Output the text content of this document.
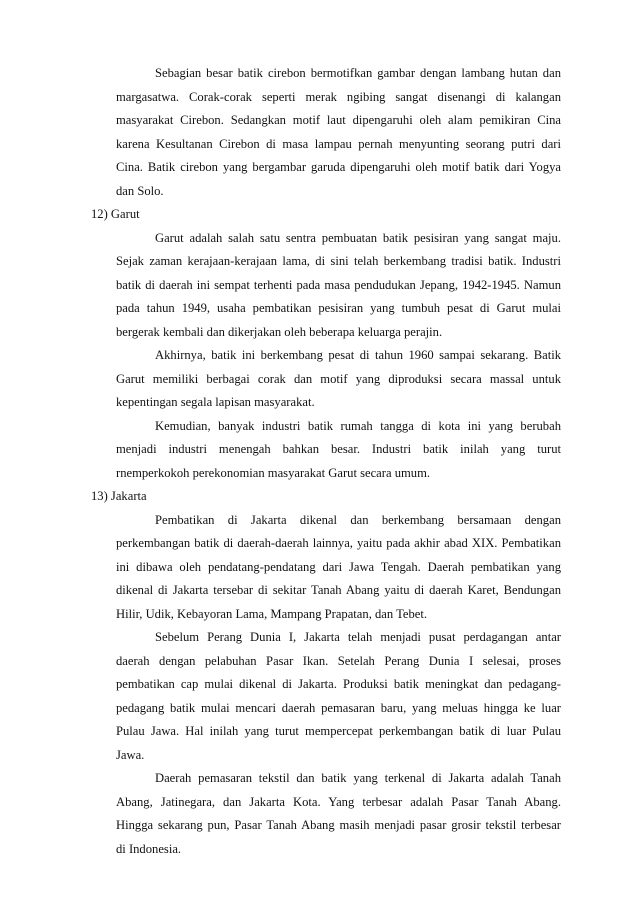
Sebagian besar batik cirebon bermotifkan gambar dengan lambang hutan dan

margasatwa. Corak-corak seperti merak ngibing sangat disenangi di kalangan

masyarakat Cirebon. Sedangkan motif laut dipengaruhi oleh alam pemikiran Cina

karena Kesultanan Cirebon di masa lampau pernah menyunting seorang putri dari

Cina. Batik cirebon yang bergambar garuda dipengaruhi oleh motif batik dari Yogya

dan Solo.

12) Garut

Garut adalah salah satu sentra pembuatan batik pesisiran yang sangat maju.

Sejak zaman kerajaan-kerajaan lama, di sini telah berkembang tradisi batik. Industri

batik di daerah ini sempat terhenti pada masa pendudukan Jepang, 1942-1945. Namun

pada tahun 1949, usaha pembatikan pesisiran yang tumbuh pesat di Garut mulai

bergerak kembali dan dikerjakan oleh beberapa keluarga perajin.

Akhirnya, batik ini berkembang pesat di tahun 1960 sampai sekarang. Batik

Garut memiliki berbagai corak dan motif yang diproduksi secara massal untuk

kepentingan segala lapisan masyarakat.

Kemudian, banyak industri batik rumah tangga di kota ini yang berubah

menjadi industri menengah bahkan besar. Industri batik inilah yang turut

rnemperkokoh perekonomian masyarakat Garut secara umum.

13) Jakarta

Pembatikan di Jakarta dikenal dan berkembang bersamaan dengan

perkembangan batik di daerah-daerah lainnya, yaitu pada akhir abad XIX. Pembatikan

ini dibawa oleh pendatang-pendatang dari Jawa Tengah. Daerah pembatikan yang

dikenal di Jakarta tersebar di sekitar Tanah Abang yaitu di daerah Karet, Bendungan

Hilir, Udik, Kebayoran Lama, Mampang Prapatan, dan Tebet.

Sebelum Perang Dunia I, Jakarta telah menjadi pusat perdagangan antar

daerah dengan pelabuhan Pasar Ikan. Setelah Perang Dunia I selesai, proses

pembatikan cap mulai dikenal di Jakarta. Produksi batik meningkat dan pedagang-

pedagang batik mulai mencari daerah pemasaran baru, yang meluas hingga ke luar

Pulau Jawa. Hal inilah yang turut mempercepat perkembangan batik di luar Pulau

Jawa.

Daerah pemasaran tekstil dan batik yang terkenal di Jakarta adalah Tanah

Abang, Jatinegara, dan Jakarta Kota. Yang terbesar adalah Pasar Tanah Abang.

Hingga sekarang pun, Pasar Tanah Abang masih menjadi pasar grosir tekstil terbesar

di Indonesia.
